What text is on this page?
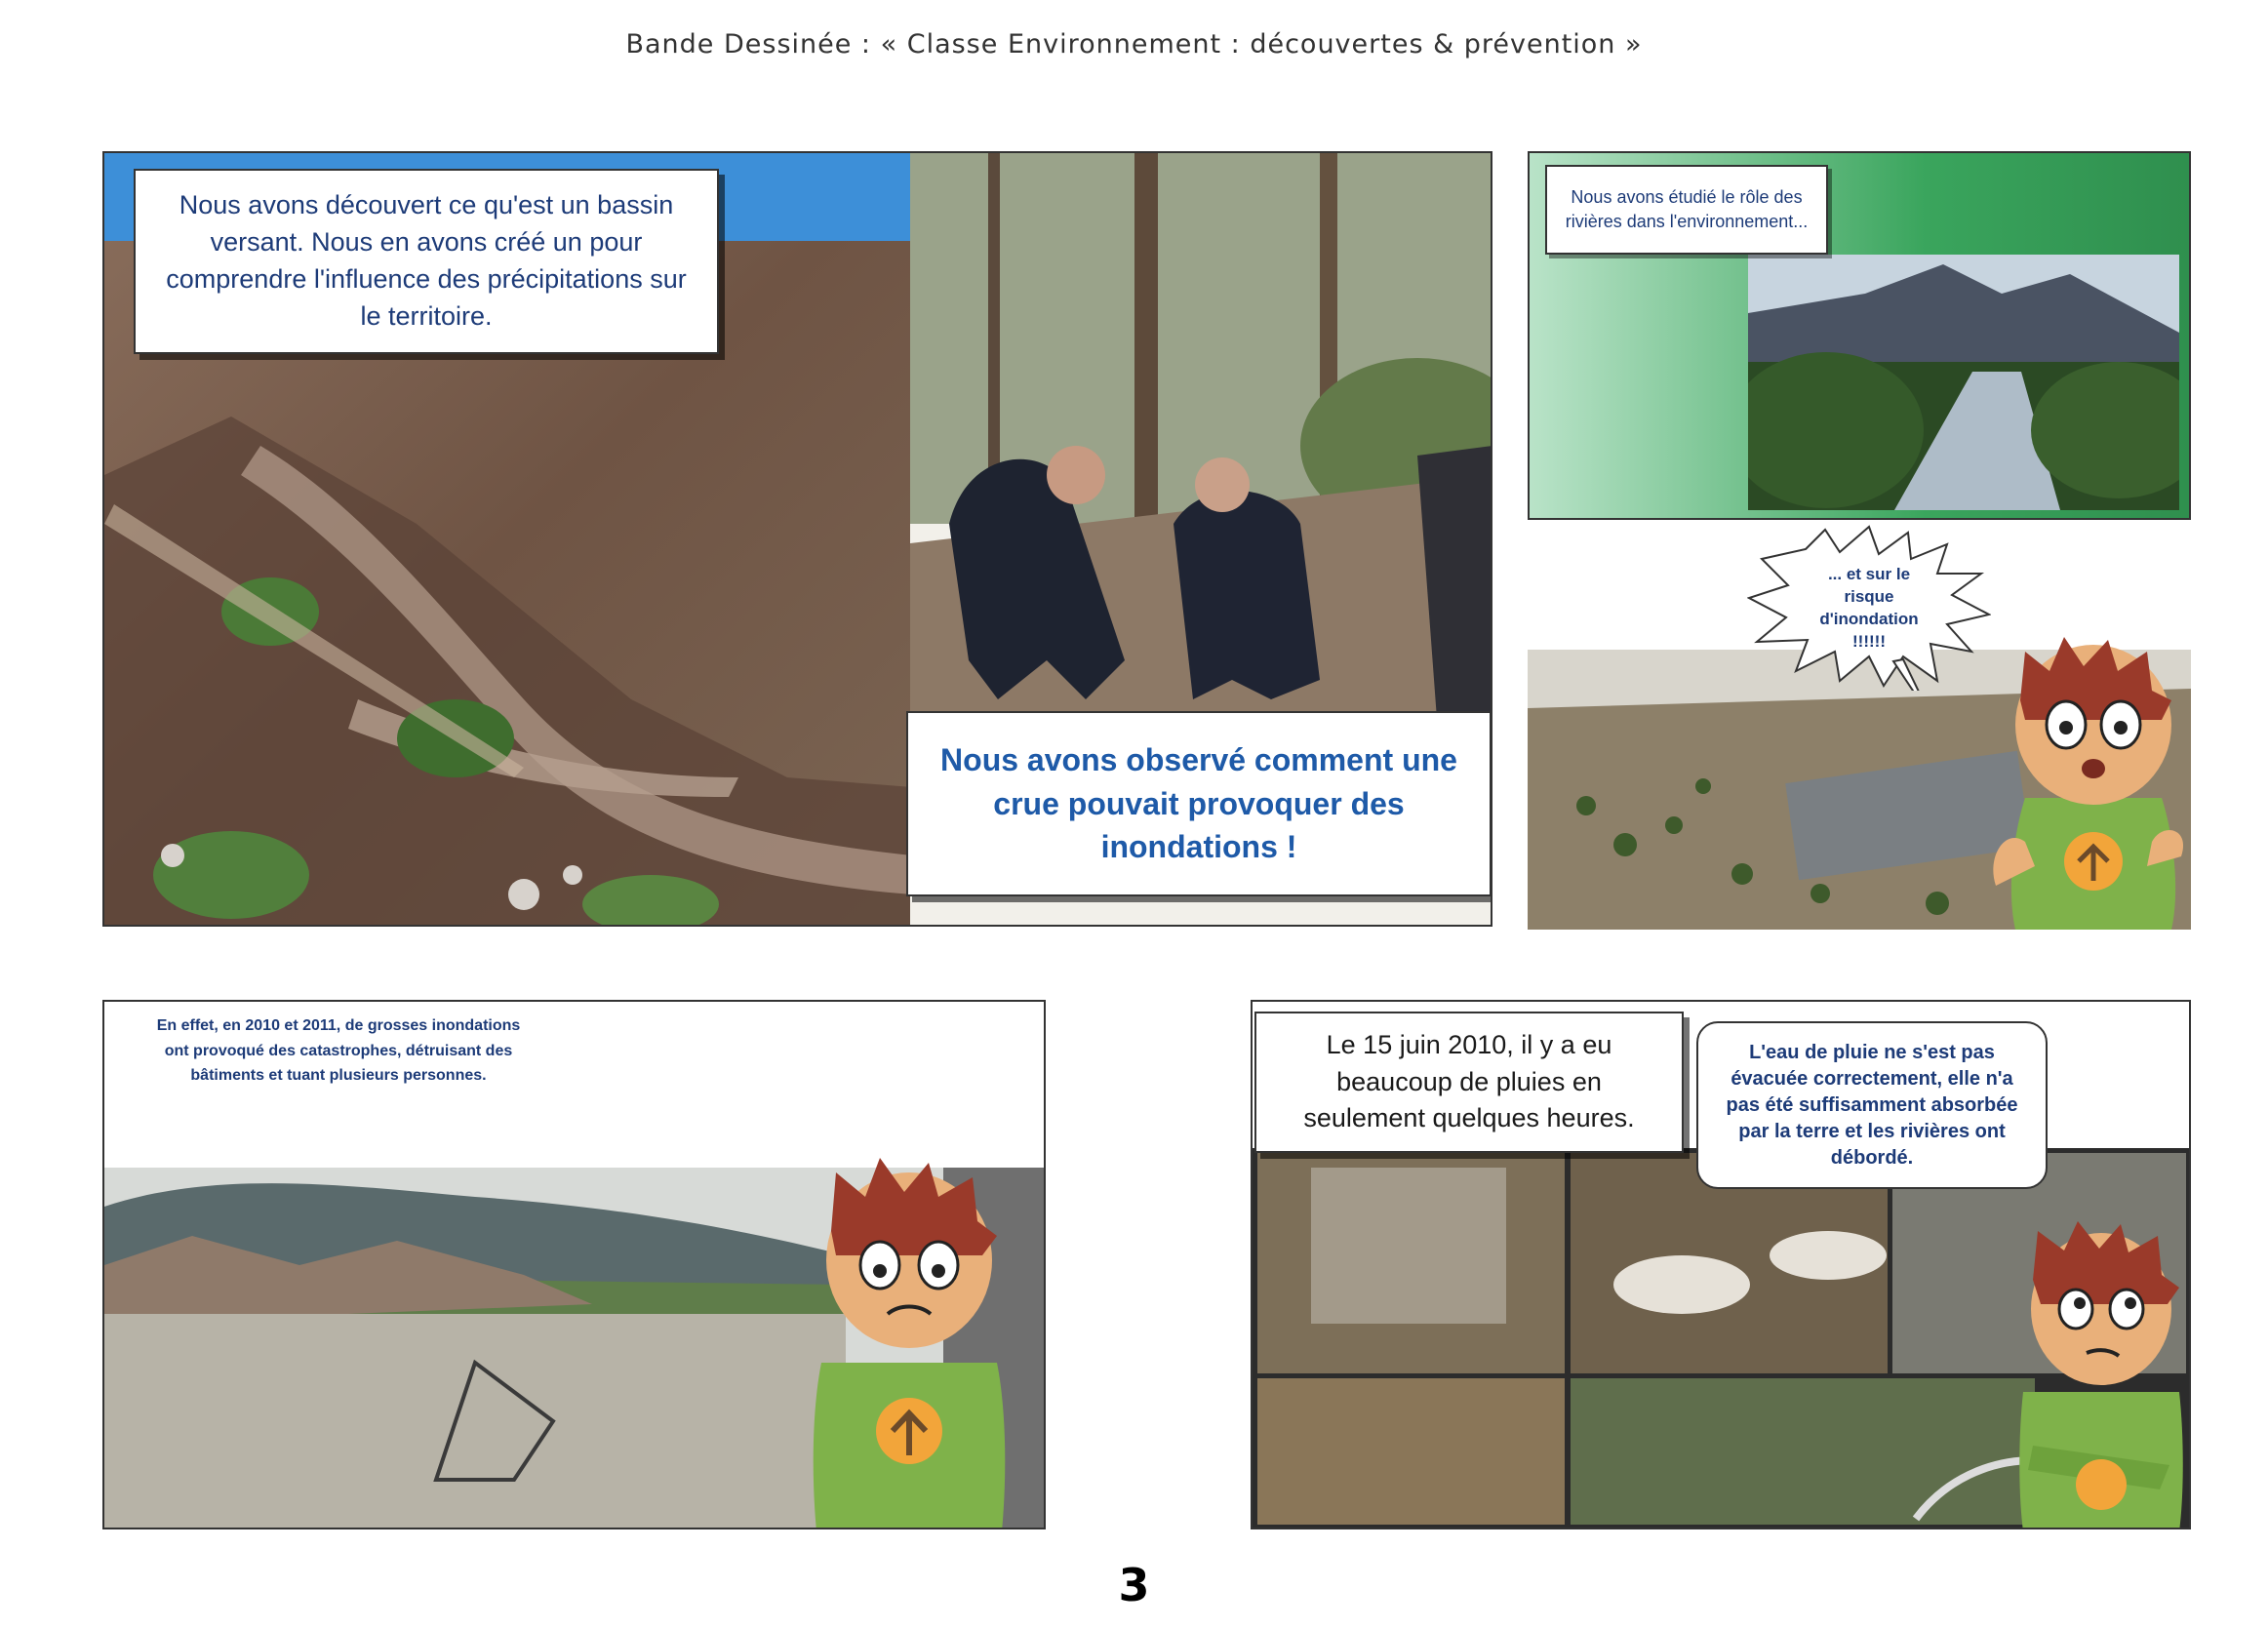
Bande Dessinée : « Classe Environnement : découvertes & prévention »
Nous avons découvert ce qu'est un bassin versant. Nous en avons créé un pour comprendre l'influence des précipitations sur le territoire.
Nous avons observé comment une crue pouvait provoquer des inondations !
Nous avons étudié le rôle des rivières dans l'environnement...
... et sur le risque d'inondation !!!!!!
En effet, en 2010 et 2011, de grosses inondations ont provoqué des catastrophes, détruisant des bâtiments et tuant plusieurs personnes.
Le 15 juin 2010, il y a eu beaucoup de pluies en seulement quelques heures.
L'eau de pluie ne s'est pas évacuée correctement, elle n'a pas été suffisamment absorbée par la terre et les rivières ont débordé.
3
